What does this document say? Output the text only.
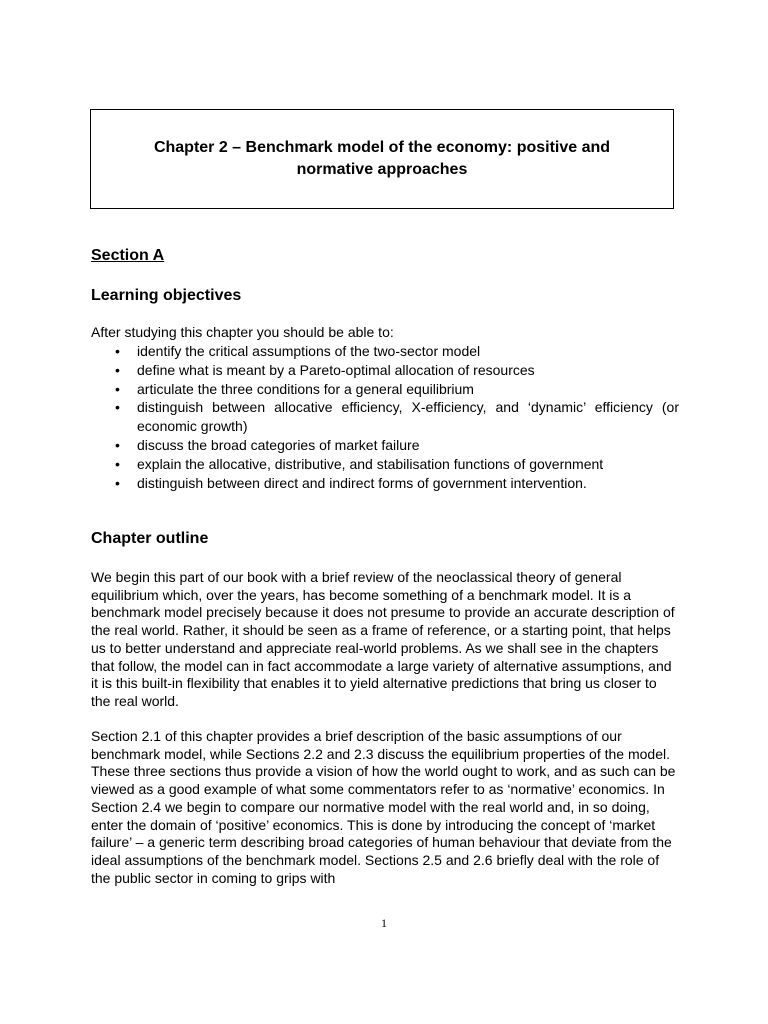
Chapter 2 – Benchmark model of the economy: positive and normative approaches

Section A

Learning objectives

After studying this chapter you should be able to:

• identify the critical assumptions of the two-sector model
• define what is meant by a Pareto-optimal allocation of resources
• articulate the three conditions for a general equilibrium
• distinguish between allocative efficiency, X-efficiency, and ‘dynamic’ efficiency (or economic growth)
• discuss the broad categories of market failure
• explain the allocative, distributive, and stabilisation functions of government
• distinguish between direct and indirect forms of government intervention.

Chapter outline

We begin this part of our book with a brief review of the neoclassical theory of general equilibrium which, over the years, has become something of a benchmark model. It is a benchmark model precisely because it does not presume to provide an accurate description of the real world. Rather, it should be seen as a frame of reference, or a starting point, that helps us to better understand and appreciate real-world problems. As we shall see in the chapters that follow, the model can in fact accommodate a large variety of alternative assumptions, and it is this built-in flexibility that enables it to yield alternative predictions that bring us closer to the real world.

Section 2.1 of this chapter provides a brief description of the basic assumptions of our benchmark model, while Sections 2.2 and 2.3 discuss the equilibrium properties of the model. These three sections thus provide a vision of how the world ought to work, and as such can be viewed as a good example of what some commentators refer to as ‘normative’ economics. In Section 2.4 we begin to compare our normative model with the real world and, in so doing, enter the domain of ‘positive’ economics. This is done by introducing the concept of ‘market failure’ – a generic term describing broad categories of human behaviour that deviate from the ideal assumptions of the benchmark model. Sections 2.5 and 2.6 briefly deal with the role of the public sector in coming to grips with

1
